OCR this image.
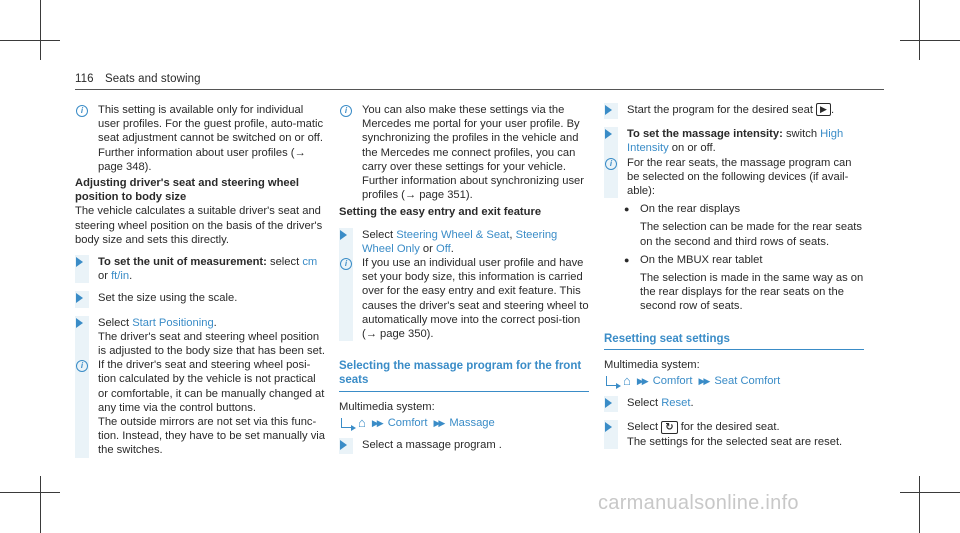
116 Seats and stowing
i	This setting is available only for individual user profiles. For the guest profile, auto-matic seat adjustment cannot be switched on or off. Further information about user profiles (→ page 348).

Adjusting driver's seat and steering wheel position to body size

The vehicle calculates a suitable driver's seat and steering wheel position on the basis of the driver's body size and sets this directly.

To set the unit of measurement: select cm
or ft/in.

Set the size using the scale.

Select Start Positioning.

The driver's seat and steering wheel position is adjusted to the body size that has been set.

i	If the driver's seat and steering wheel posi-tion calculated by the vehicle is not practical or comfortable, it can be manually changed at any time via the control buttons.

The outside mirrors are not set via this func-tion. Instead, they have to be set manually via the switches.

i	You can also make these settings via the Mercedes me portal for your user profile. By synchronizing the profiles in the vehicle and the Mercedes me connect profiles, you can carry over these settings for your vehicle. Further information about synchronizing user profiles (→ page 351).

Setting the easy entry and exit feature

Select Steering Wheel & Seat, Steering Wheel Only or Off.

i	If you use an individual user profile and have set your body size, this information is carried over for the easy entry and exit feature. This causes the driver's seat and steering wheel to automatically move into the correct posi-tion (→ page 350).

Selecting the massage program for the front seats

Multimedia system:

⌂ ▶▶ Comfort ▶▶ Massage

Select a massage program .

Start the program for the desired seat ▶ .

To set the massage intensity: switch High Intensity on or off.

i	For the rear seats, the massage program can be selected on the following devices (if avail-able):

● On the rear displays

The selection can be made for the rear seats on the second and third rows of seats.

● On the MBUX rear tablet

The selection is made in the same way as on the rear displays for the rear seats on the second row of seats.

Resetting seat settings

Multimedia system:

⌂ ▶▶ Comfort ▶▶ Seat Comfort

Select Reset.

Select ↻ for the desired seat.

The settings for the selected seat are reset.

carmanualsonline.info
